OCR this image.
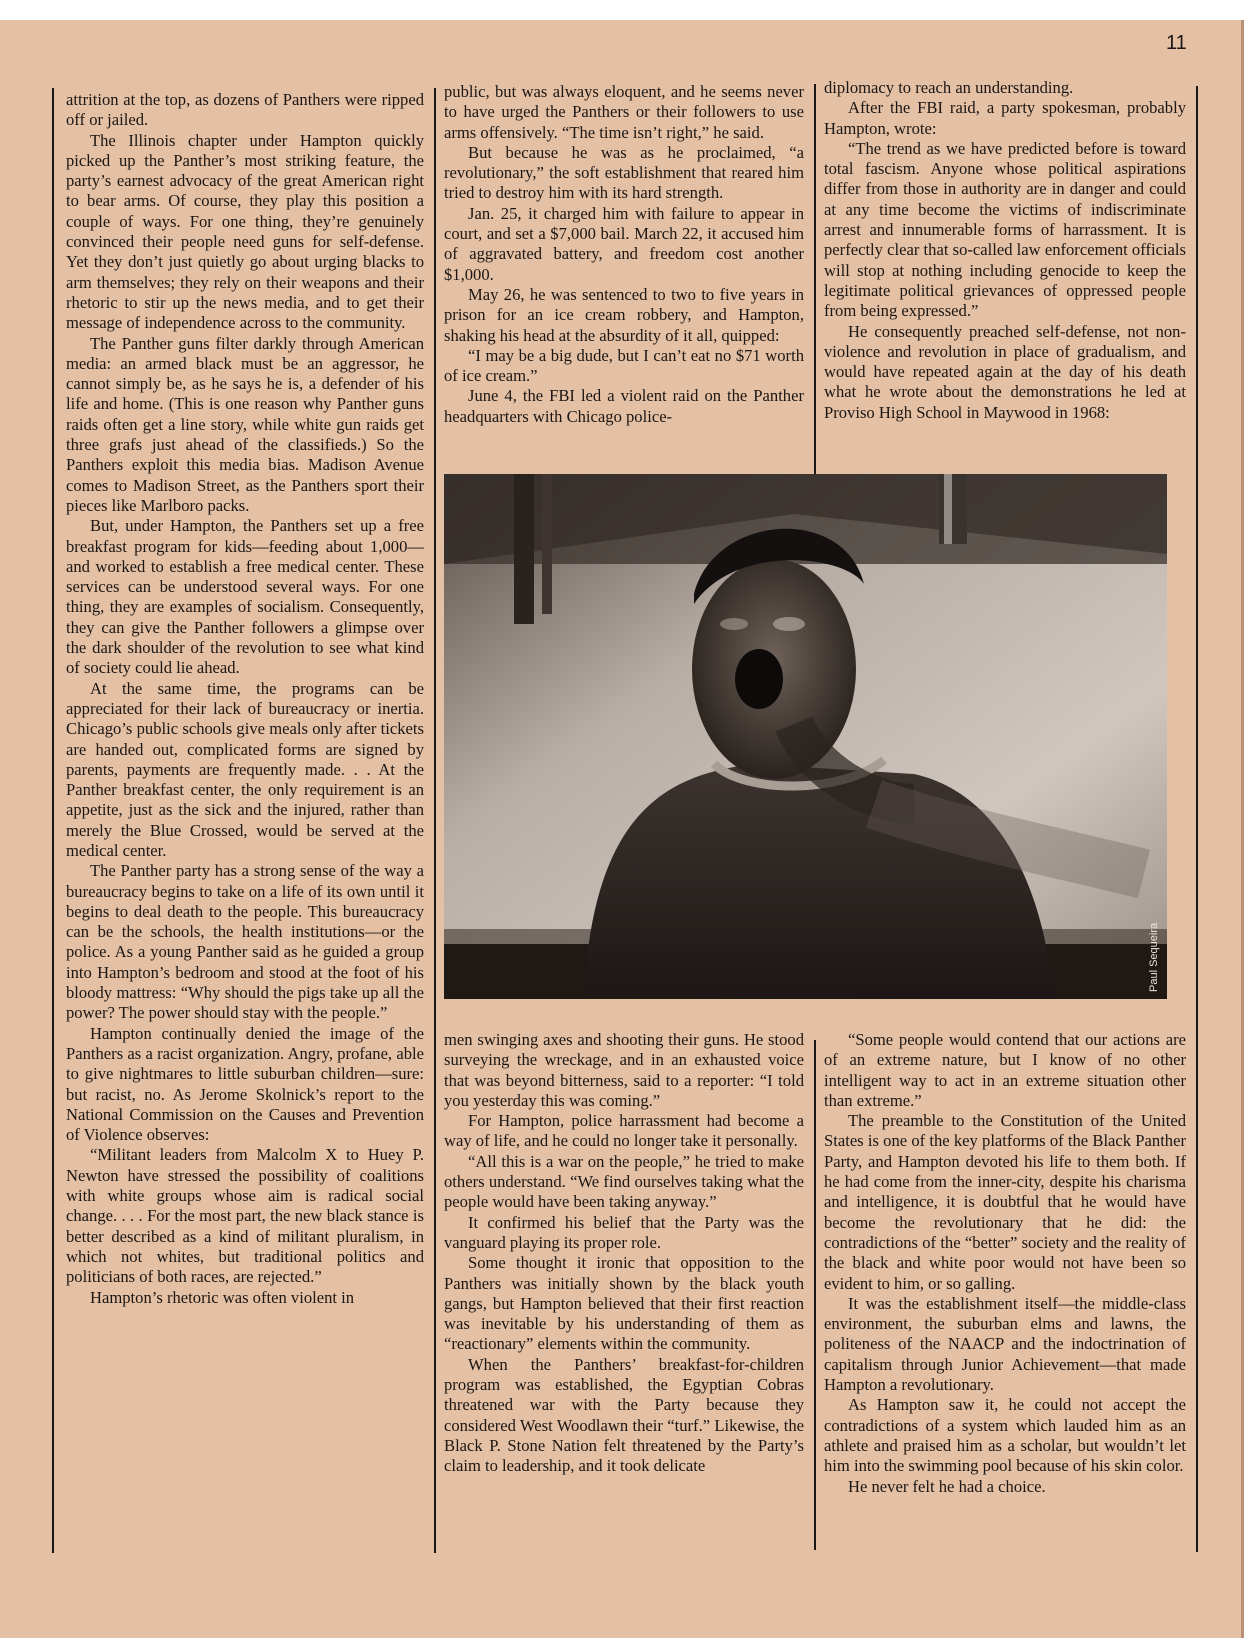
11

attrition at the top, as dozens of Panthers were ripped off or jailed.

The Illinois chapter under Hampton quickly picked up the Panther’s most striking feature, the party’s earnest advocacy of the great American right to bear arms. Of course, they play this position a couple of ways. For one thing, they’re genuinely convinced their people need guns for self-defense. Yet they don’t just quietly go about urging blacks to arm themselves; they rely on their weapons and their rhetoric to stir up the news media, and to get their message of independence across to the community.

The Panther guns filter darkly through American media: an armed black must be an aggressor, he cannot simply be, as he says he is, a defender of his life and home. (This is one reason why Panther guns raids often get a line story, while white gun raids get three grafs just ahead of the classifieds.) So the Panthers exploit this media bias. Madison Avenue comes to Madison Street, as the Panthers sport their pieces like Marlboro packs.

But, under Hampton, the Panthers set up a free breakfast program for kids—feeding about 1,000—and worked to establish a free medical center. These services can be understood several ways. For one thing, they are examples of socialism. Consequently, they can give the Panther followers a glimpse over the dark shoulder of the revolution to see what kind of society could lie ahead.

At the same time, the programs can be appreciated for their lack of bureaucracy or inertia. Chicago’s public schools give meals only after tickets are handed out, complicated forms are signed by parents, payments are frequently made. . . At the Panther breakfast center, the only requirement is an appetite, just as the sick and the injured, rather than merely the Blue Crossed, would be served at the medical center.

The Panther party has a strong sense of the way a bureaucracy begins to take on a life of its own until it begins to deal death to the people. This bureaucracy can be the schools, the health institutions—or the police. As a young Panther said as he guided a group into Hampton’s bedroom and stood at the foot of his bloody mattress: “Why should the pigs take up all the power? The power should stay with the people.”

Hampton continually denied the image of the Panthers as a racist organization. Angry, profane, able to give nightmares to little suburban children—sure: but racist, no. As Jerome Skolnick’s report to the National Commission on the Causes and Prevention of Violence observes:

“Militant leaders from Malcolm X to Huey P. Newton have stressed the possibility of coalitions with white groups whose aim is radical social change. . . . For the most part, the new black stance is better described as a kind of militant pluralism, in which not whites, but traditional politics and politicians of both races, are rejected.”

Hampton’s rhetoric was often violent in

public, but was always eloquent, and he seems never to have urged the Panthers or their followers to use arms offensively. “The time isn’t right,” he said.

But because he was as he proclaimed, “a revolutionary,” the soft establishment that reared him tried to destroy him with its hard strength.

Jan. 25, it charged him with failure to appear in court, and set a $7,000 bail. March 22, it accused him of aggravated battery, and freedom cost another $1,000.

May 26, he was sentenced to two to five years in prison for an ice cream robbery, and Hampton, shaking his head at the absurdity of it all, quipped:

“I may be a big dude, but I can’t eat no $71 worth of ice cream.”

June 4, the FBI led a violent raid on the Panther headquarters with Chicago police-

diplomacy to reach an understanding.

After the FBI raid, a party spokesman, probably Hampton, wrote:

“The trend as we have predicted before is toward total fascism. Anyone whose political aspirations differ from those in authority are in danger and could at any time become the victims of indiscriminate arrest and innumerable forms of harrassment. It is perfectly clear that so-called law enforcement officials will stop at nothing including genocide to keep the legitimate political grievances of oppressed people from being expressed.”

He consequently preached self-defense, not non-violence and revolution in place of gradualism, and would have repeated again at the day of his death what he wrote about the demonstrations he led at Proviso High School in Maywood in 1968:

Paul Sequeira

men swinging axes and shooting their guns. He stood surveying the wreckage, and in an exhausted voice that was beyond bitterness, said to a reporter: “I told you yesterday this was coming.”

For Hampton, police harrassment had become a way of life, and he could no longer take it personally.

“All this is a war on the people,” he tried to make others understand. “We find ourselves taking what the people would have been taking anyway.”

It confirmed his belief that the Party was the vanguard playing its proper role.

Some thought it ironic that opposition to the Panthers was initially shown by the black youth gangs, but Hampton believed that their first reaction was inevitable by his understanding of them as “reactionary” elements within the community.

When the Panthers’ breakfast-for-children program was established, the Egyptian Cobras threatened war with the Party because they considered West Woodlawn their “turf.” Likewise, the Black P. Stone Nation felt threatened by the Party’s claim to leadership, and it took delicate

“Some people would contend that our actions are of an extreme nature, but I know of no other intelligent way to act in an extreme situation other than extreme.”

The preamble to the Constitution of the United States is one of the key platforms of the Black Panther Party, and Hampton devoted his life to them both. If he had come from the inner-city, despite his charisma and intelligence, it is doubtful that he would have become the revolutionary that he did: the contradictions of the “better” society and the reality of the black and white poor would not have been so evident to him, or so galling.

It was the establishment itself—the middle-class environment, the suburban elms and lawns, the politeness of the NAACP and the indoctrination of capitalism through Junior Achievement—that made Hampton a revolutionary.

As Hampton saw it, he could not accept the contradictions of a system which lauded him as an athlete and praised him as a scholar, but wouldn’t let him into the swimming pool because of his skin color.

He never felt he had a choice.
